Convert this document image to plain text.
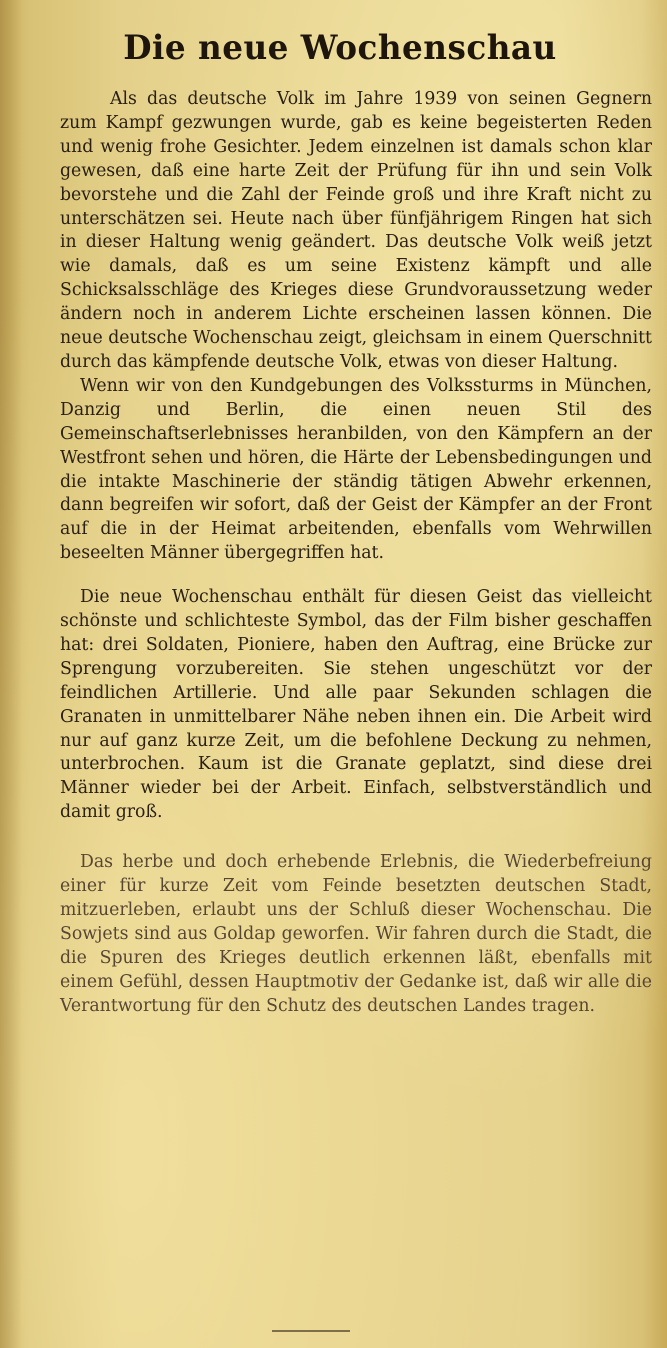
Die neue Wochenschau

Als das deutsche Volk im Jahre 1939 von seinen Gegnern zum Kampf gezwungen wurde, gab es keine begeisterten Reden und wenig frohe Gesichter. Jedem einzelnen ist damals schon klar gewesen, daß eine harte Zeit der Prüfung für ihn und sein Volk bevorstehe und die Zahl der Feinde groß und ihre Kraft nicht zu unterschätzen sei. Heute nach über fünfjährigem Ringen hat sich in dieser Haltung wenig geändert. Das deutsche Volk weiß jetzt wie damals, daß es um seine Existenz kämpft und alle Schicksalsschläge des Krieges diese Grundvoraussetzung weder ändern noch in anderem Lichte erscheinen lassen können. Die neue deutsche Wochenschau zeigt, gleichsam in einem Querschnitt durch das kämpfende deutsche Volk, etwas von dieser Haltung.

Wenn wir von den Kundgebungen des Volkssturms in München, Danzig und Berlin, die einen neuen Stil des Gemeinschaftserlebnisses heranbilden, von den Kämpfern an der Westfront sehen und hören, die Härte der Lebensbedingungen und die intakte Maschinerie der ständig tätigen Abwehr erkennen, dann begreifen wir sofort, daß der Geist der Kämpfer an der Front auf die in der Heimat arbeitenden, ebenfalls vom Wehrwillen beseelten Männer übergegriffen hat.

Die neue Wochenschau enthält für diesen Geist das vielleicht schönste und schlichteste Symbol, das der Film bisher geschaffen hat: drei Soldaten, Pioniere, haben den Auftrag, eine Brücke zur Sprengung vorzubereiten. Sie stehen ungeschützt vor der feindlichen Artillerie. Und alle paar Sekunden schlagen die Granaten in unmittelbarer Nähe neben ihnen ein. Die Arbeit wird nur auf ganz kurze Zeit, um die befohlene Deckung zu nehmen, unterbrochen. Kaum ist die Granate geplatzt, sind diese drei Männer wieder bei der Arbeit. Einfach, selbstverständlich und damit groß.

Das herbe und doch erhebende Erlebnis, die Wiederbefreiung einer für kurze Zeit vom Feinde besetzten deutschen Stadt, mitzuerleben, erlaubt uns der Schluß dieser Wochenschau. Die Sowjets sind aus Goldap geworfen. Wir fahren durch die Stadt, die die Spuren des Krieges deutlich erkennen läßt, ebenfalls mit einem Gefühl, dessen Hauptmotiv der Gedanke ist, daß wir alle die Verantwortung für den Schutz des deutschen Landes tragen.
